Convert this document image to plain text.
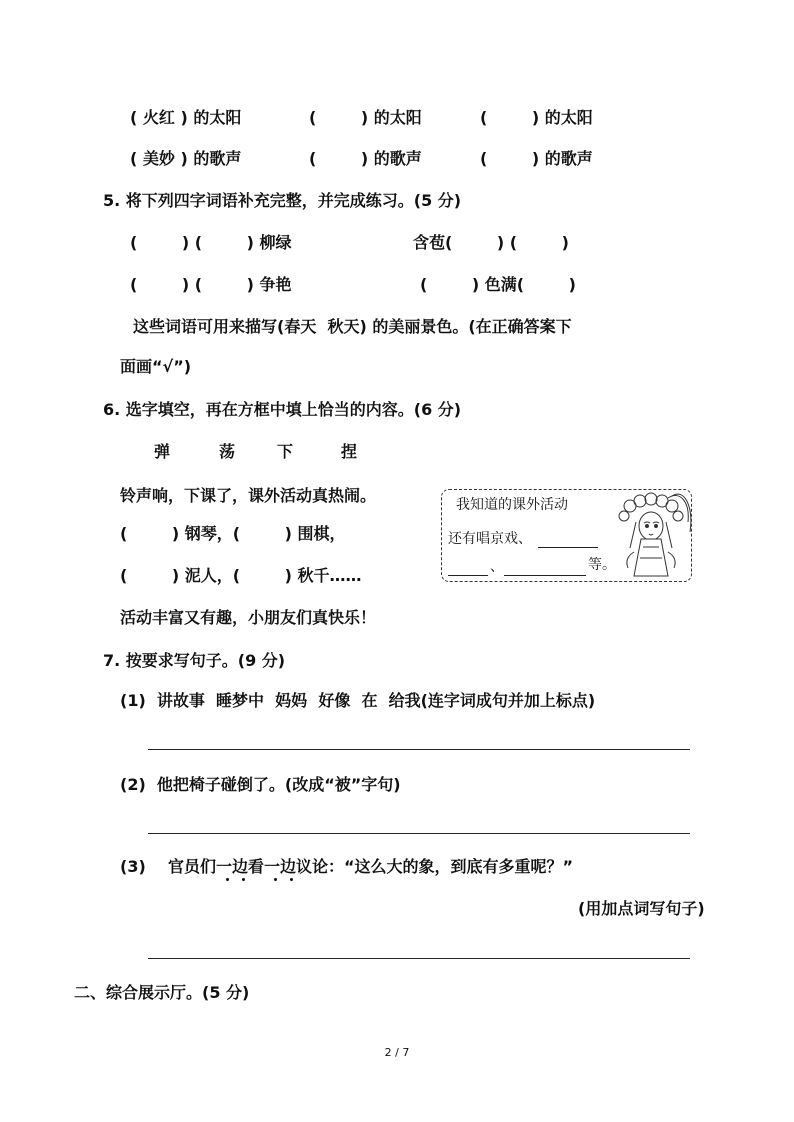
( 火红 ) 的太阳	(        ) 的太阳	(        ) 的太阳
( 美妙 ) 的歌声	(        ) 的歌声	(        ) 的歌声
5. 将下列四字词语补充完整，并完成练习。(5 分)
(        ) (        ) 柳绿	含苞(        ) (        )
(        ) (        ) 争艳	(        ) 色满(        )
这些词语可用来描写(春天  秋天) 的美丽景色。(在正确答案下
面画“√”)
6. 选字填空，再在方框中填上恰当的内容。(6 分)
弹	荡	下	捏
铃声响，下课了，课外活动真热闹。
(        ) 钢琴，(        ) 围棋，
(        ) 泥人，(        ) 秋千……
活动丰富又有趣，小朋友们真快乐！
我知道的课外活动
还有唱京戏、
、	等。
7. 按要求写句子。(9 分)
(1)  讲故事  睡梦中  妈妈  好像  在  给我(连字词成句并加上标点)
(2)  他把椅子碰倒了。(改成“被”字句)
(3)    官员们一边看一边议论：“这么大的象，到底有多重呢？”
(用加点词写句子)
二、综合展示厅。(5 分)
2 / 7
